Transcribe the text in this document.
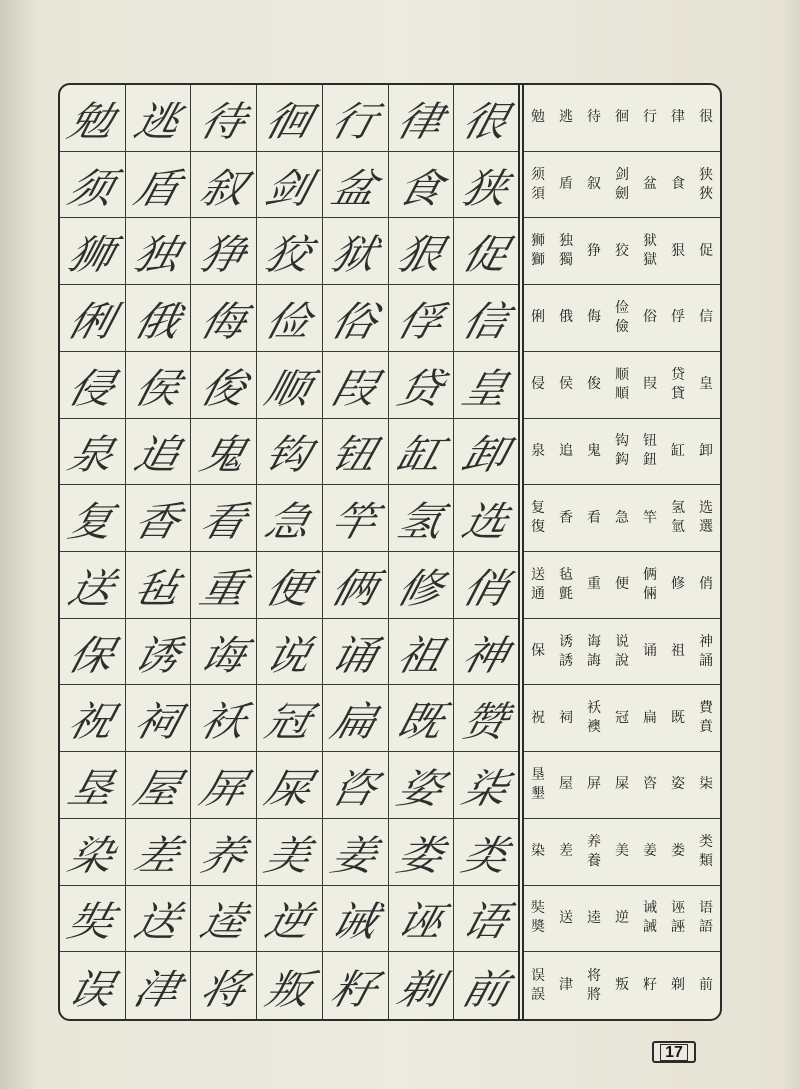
勉 逃 待 徊 行 律 很
须 盾 叙 剑 盆 食 狭
狮 独 狰 狡 狱 狠 促
俐 俄 侮 俭 俗 俘 信
侵 侯 俊 顺 叚 贷 皇
泉 追 鬼 钩 钮 缸 卸
复 香 看 急 竿 氢 选
送 毡 重 便 俩 修 俏
保 诱 诲 说 诵 祖 神
祝 祠 袄 冠 扁 既 赞
垦 屋 屏 屎 咨 姿 柒
染 差 养 美 姜 娄 类
奘 送 逵 逆 诫 诬 语
误 津 将 叛 籽 剃 前
勉 逃 待 徊 行 律 很
须
須
盾 叙
剑
劍
盆 食
狭
狹
狮
獅
独
獨
狰 狡
狱
獄
狠 促
俐 俄 侮
俭
儉
俗 俘 信
侵 侯 俊
顺
順
叚
贷
貸
皇
泉 追 鬼
钩
鈎
钮
鈕
缸 卸
复
復
香 看 急 竿
氢
氫
选
選
送
通
毡
氈
重 便
俩
倆
修 俏
保
诱
誘
诲
誨
说
說
诵 祖
神
誦
祝 祠
袄
襖
冠 扁 既
費
賁
垦
墾
屋 屏 屎 咨 姿 柒
染 差
养
養
美 姜 娄
类
類
奘
奬
送 逵 逆
诫
誡
诬
誣
语
語
误
誤
津
将
將
叛 籽 剃 前
17
